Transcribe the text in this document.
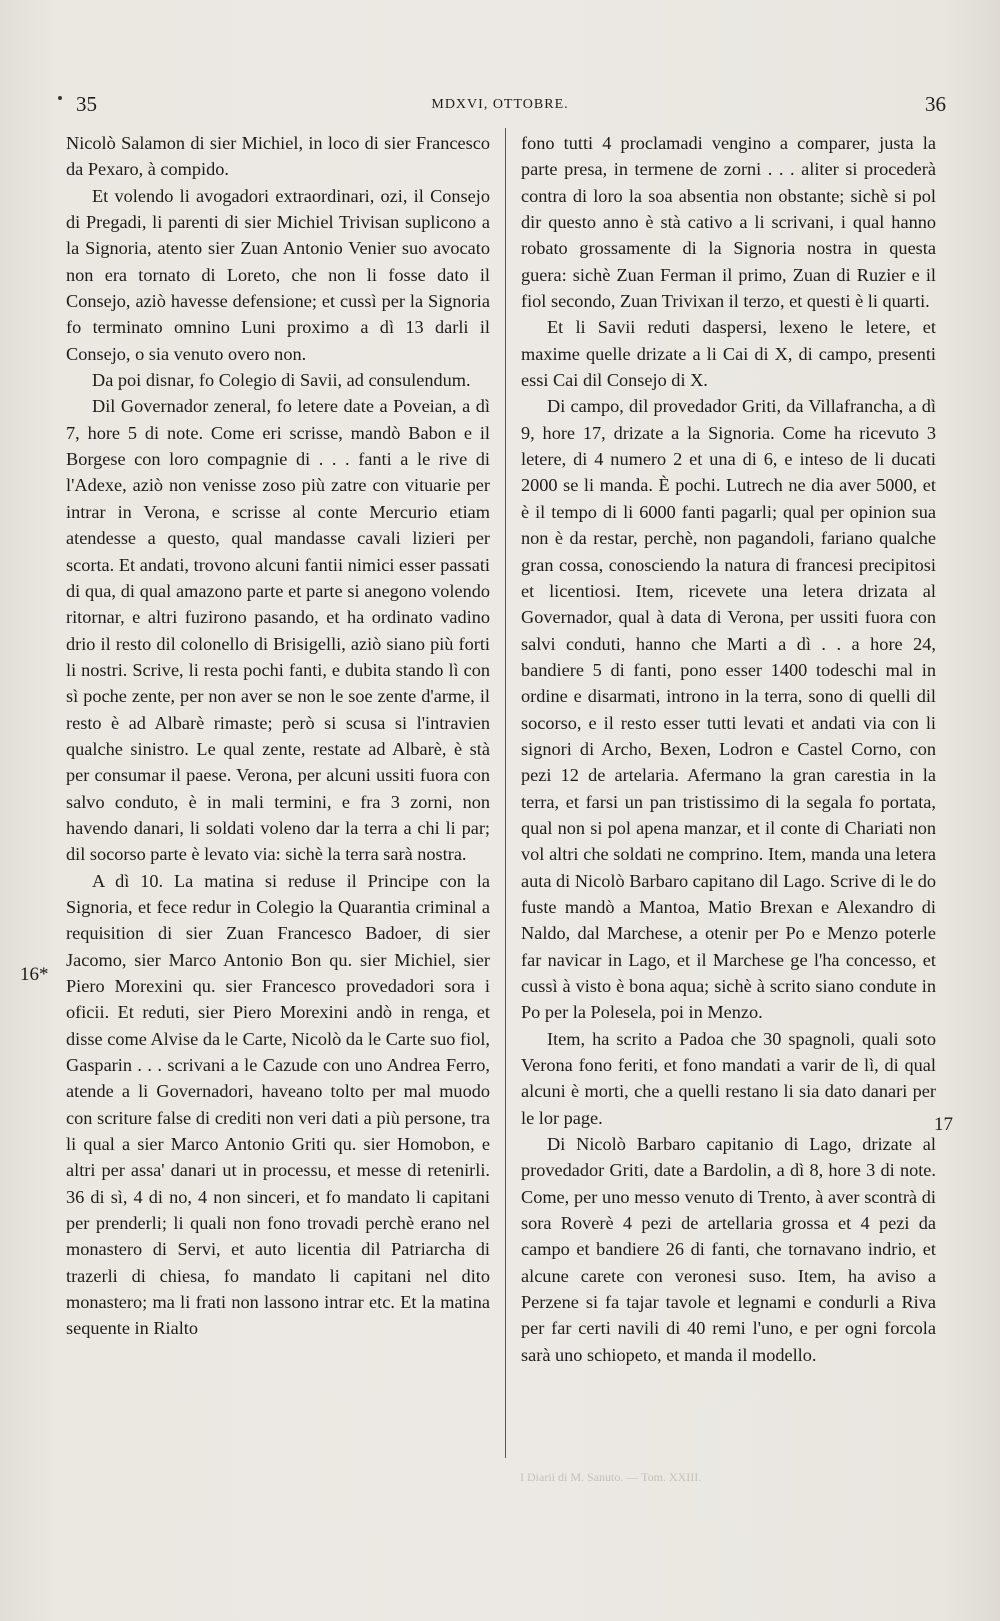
35	MDXVI, OTTOBRE.	36
16*
17

Nicolò Salamon di sier Michiel, in loco di sier Francesco da Pexaro, à compido.

Et volendo li avogadori extraordinari, ozi, il Consejo di Pregadi, li parenti di sier Michiel Trivisan suplicono a la Signoria, atento sier Zuan Antonio Venier suo avocato non era tornato di Loreto, che non li fosse dato il Consejo, aziò havesse defensione; et cussì per la Signoria fo terminato omnino Luni proximo a dì 13 darli il Consejo, o sia venuto overo non.

Da poi disnar, fo Colegio di Savii, ad consulendum.

Dil Governador zeneral, fo letere date a Poveian, a dì 7, hore 5 di note. Come eri scrisse, mandò Babon e il Borgese con loro compagnie di . . . fanti a le rive di l'Adexe, aziò non venisse zoso più zatre con vituarie per intrar in Verona, e scrisse al conte Mercurio etiam atendesse a questo, qual mandasse cavali lizieri per scorta. Et andati, trovono alcuni fantii nimici esser passati di qua, di qual amazono parte et parte si anegono volendo ritornar, e altri fuzirono pasando, et ha ordinato vadino drio il resto dil colonello di Brisigelli, aziò siano più forti li nostri. Scrive, li resta pochi fanti, e dubita stando lì con sì poche zente, per non aver se non le soe zente d'arme, il resto è ad Albarè rimaste; però si scusa si l'intravien qualche sinistro. Le qual zente, restate ad Albarè, è stà per consumar il paese. Verona, per alcuni ussiti fuora con salvo conduto, è in mali termini, e fra 3 zorni, non havendo danari, li soldati voleno dar la terra a chi li par; dil socorso parte è levato via: sichè la terra sarà nostra.

A dì 10. La matina si reduse il Principe con la Signoria, et fece redur in Colegio la Quarantia criminal a requisition di sier Zuan Francesco Badoer, di sier Jacomo, sier Marco Antonio Bon qu. sier Michiel, sier Piero Morexini qu. sier Francesco provedadori sora i oficii. Et reduti, sier Piero Morexini andò in renga, et disse come Alvise da le Carte, Nicolò da le Carte suo fiol, Gasparin . . . scrivani a le Cazude con uno Andrea Ferro, atende a li Governadori, haveano tolto per mal muodo con scriture false di crediti non veri dati a più persone, tra li qual a sier Marco Antonio Griti qu. sier Homobon, e altri per assa' danari ut in processu, et messe di retenirli. 36 di sì, 4 di no, 4 non sinceri, et fo mandato li capitani per prenderli; li quali non fono trovadi perchè erano nel monastero di Servi, et auto licentia dil Patriarcha di trazerli di chiesa, fo mandato li capitani nel dito monastero; ma li frati non lassono intrar etc. Et la matina sequente in Rialto

fono tutti 4 proclamadi vengino a comparer, justa la parte presa, in termene de zorni . . . aliter si procederà contra di loro la soa absentia non obstante; sichè si pol dir questo anno è stà cativo a li scrivani, i qual hanno robato grossamente di la Signoria nostra in questa guera: sichè Zuan Ferman il primo, Zuan di Ruzier e il fiol secondo, Zuan Trivixan il terzo, et questi è li quarti.

Et li Savii reduti daspersi, lexeno le letere, et maxime quelle drizate a li Cai di X, di campo, presenti essi Cai dil Consejo di X.

Di campo, dil provedador Griti, da Villafrancha, a dì 9, hore 17, drizate a la Signoria. Come ha ricevuto 3 letere, di 4 numero 2 et una di 6, e inteso de li ducati 2000 se li manda. È pochi. Lutrech ne dia aver 5000, et è il tempo di li 6000 fanti pagarli; qual per opinion sua non è da restar, perchè, non pagandoli, fariano qualche gran cossa, conosciendo la natura di francesi precipitosi et licentiosi. Item, ricevete una letera drizata al Governador, qual à data di Verona, per ussiti fuora con salvi conduti, hanno che Marti a dì . . a hore 24, bandiere 5 di fanti, pono esser 1400 todeschi mal in ordine e disarmati, introno in la terra, sono di quelli dil socorso, e il resto esser tutti levati et andati via con li signori di Archo, Bexen, Lodron e Castel Corno, con pezi 12 de artelaria. Afermano la gran carestia in la terra, et farsi un pan tristissimo di la segala fo portata, qual non si pol apena manzar, et il conte di Chariati non vol altri che soldati ne comprino. Item, manda una letera auta di Nicolò Barbaro capitano dil Lago. Scrive di le do fuste mandò a Mantoa, Matio Brexan e Alexandro di Naldo, dal Marchese, a otenir per Po e Menzo poterle far navicar in Lago, et il Marchese ge l'ha concesso, et cussì à visto è bona aqua; sichè à scrito siano condute in Po per la Polesela, poi in Menzo.

Item, ha scrito a Padoa che 30 spagnoli, quali soto Verona fono feriti, et fono mandati a varir de lì, di qual alcuni è morti, che a quelli restano li sia dato danari per le lor page.

Di Nicolò Barbaro capitanio di Lago, drizate al provedador Griti, date a Bardolin, a dì 8, hore 3 di note. Come, per uno messo venuto di Trento, à aver scontrà di sora Roverè 4 pezi de artellaria grossa et 4 pezi da campo et bandiere 26 di fanti, che tornavano indrio, et alcune carete con veronesi suso. Item, ha aviso a Perzene si fa tajar tavole et legnami e condurli a Riva per far certi navili di 40 remi l'uno, e per ogni forcola sarà uno schiopeto, et manda il modello.

I Diarii di M. Sanuto. — Tom. XXIII.
